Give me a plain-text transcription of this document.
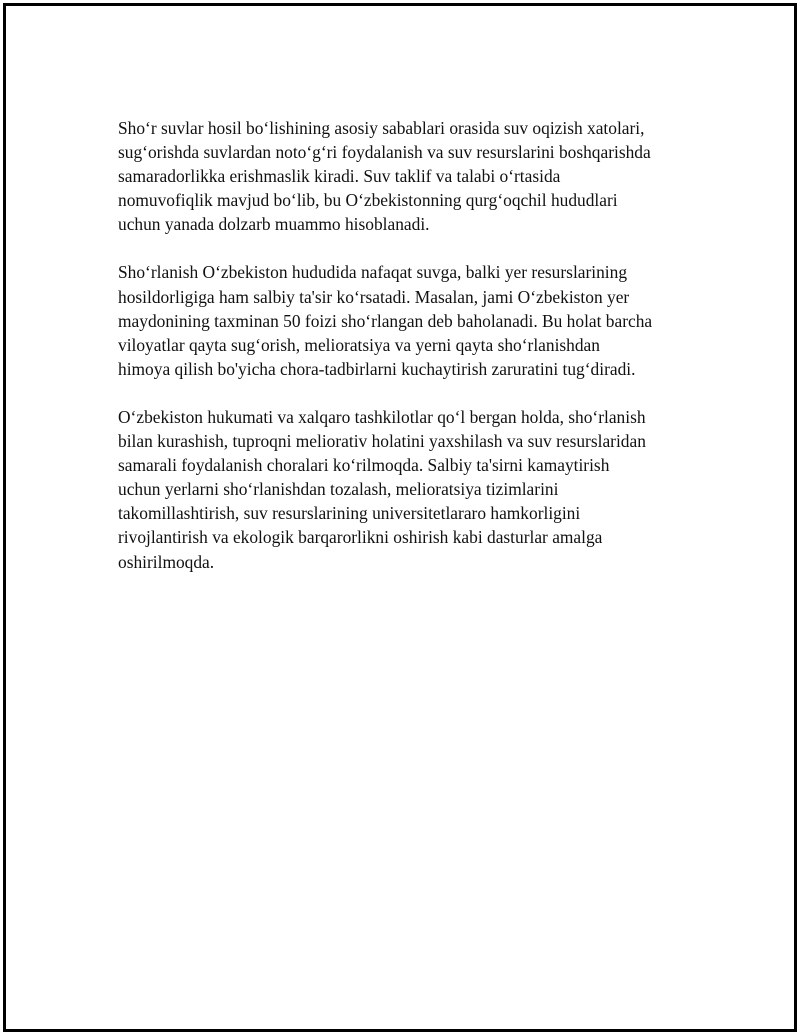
Sho‘r suvlar hosil bo‘lishining asosiy sabablari orasida suv oqizish xatolari,
sug‘orishda suvlardan noto‘g‘ri foydalanish va suv resurslarini boshqarishda
samaradorlikka erishmaslik kiradi. Suv taklif va talabi o‘rtasida
nomuvofiqlik mavjud bo‘lib, bu O‘zbekistonning qurg‘oqchil hududlari
uchun yanada dolzarb muammo hisoblanadi.

Sho‘rlanish O‘zbekiston hududida nafaqat suvga, balki yer resurslarining
hosildorligiga ham salbiy ta'sir ko‘rsatadi. Masalan, jami O‘zbekiston yer
maydonining taxminan 50 foizi sho‘rlangan deb baholanadi. Bu holat barcha
viloyatlar qayta sug‘orish, melioratsiya va yerni qayta sho‘rlanishdan
himoya qilish bo'yicha chora-tadbirlarni kuchaytirish zaruratini tug‘diradi.

O‘zbekiston hukumati va xalqaro tashkilotlar qo‘l bergan holda, sho‘rlanish
bilan kurashish, tuproqni meliorativ holatini yaxshilash va suv resurslaridan
samarali foydalanish choralari ko‘rilmoqda. Salbiy ta'sirni kamaytirish
uchun yerlarni sho‘rlanishdan tozalash, melioratsiya tizimlarini
takomillashtirish, suv resurslarining universitetlararo hamkorligini
rivojlantirish va ekologik barqarorlikni oshirish kabi dasturlar amalga
oshirilmoqda.
